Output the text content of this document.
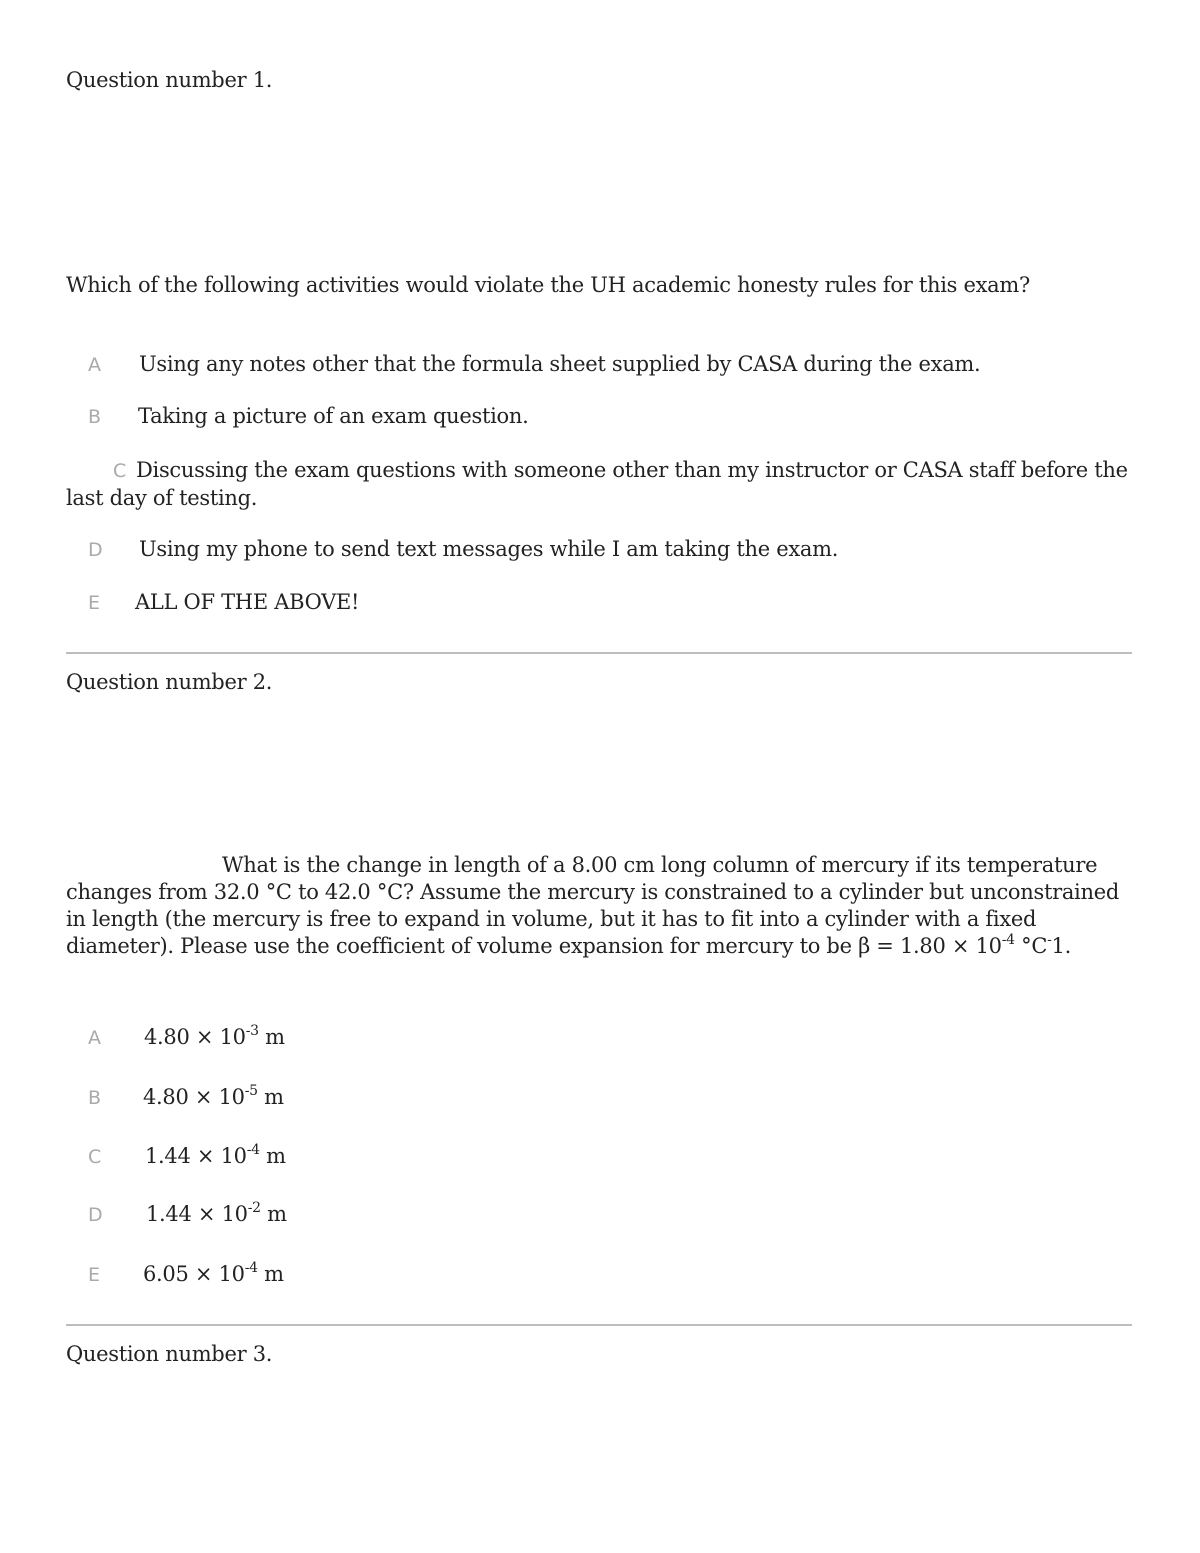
Question number 1.
Which of the following activities would violate the UH academic honesty rules for this exam?
A Using any notes other that the formula sheet supplied by CASA during the exam.
B Taking a picture of an exam question.
C Discussing the exam questions with someone other than my instructor or CASA staff before the last day of testing.
D Using my phone to send text messages while I am taking the exam.
E ALL OF THE ABOVE!
Question number 2.
What is the change in length of a 8.00 cm long column of mercury if its temperature changes from 32.0 °C to 42.0 °C? Assume the mercury is constrained to a cylinder but unconstrained in length (the mercury is free to expand in volume, but it has to fit into a cylinder with a fixed diameter). Please use the coefficient of volume expansion for mercury to be $\beta = 1.80 \times 10^{-4}$ °C-1.
A $4.80 \times 10^{-3}$ m
B $4.80 \times 10^{-5}$ m
C $1.44 \times 10^{-4}$ m
D $1.44 \times 10^{-2}$ m
E $6.05 \times 10^{-4}$ m
Question number 3.
